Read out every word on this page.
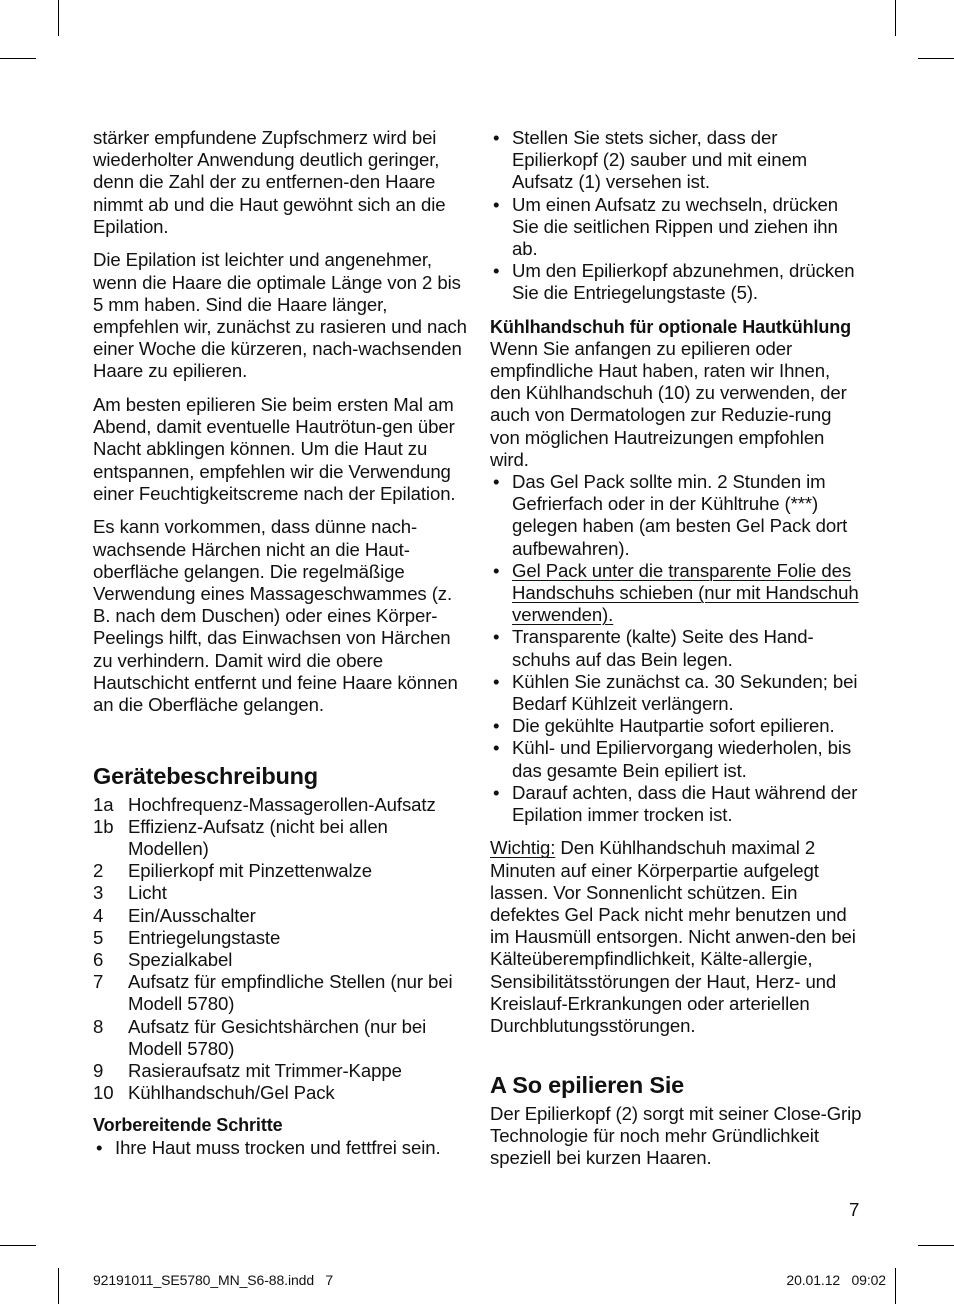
stärker empfundene Zupfschmerz wird bei wiederholter Anwendung deutlich geringer, denn die Zahl der zu entfernen-den Haare nimmt ab und die Haut gewöhnt sich an die Epilation.

Die Epilation ist leichter und angenehmer, wenn die Haare die optimale Länge von 2 bis 5 mm haben. Sind die Haare länger, empfehlen wir, zunächst zu rasieren und nach einer Woche die kürzeren, nach-wachsenden Haare zu epilieren.

Am besten epilieren Sie beim ersten Mal am Abend, damit eventuelle Hautrötun-gen über Nacht abklingen können. Um die Haut zu entspannen, empfehlen wir die Verwendung einer Feuchtigkeitscreme nach der Epilation.

Es kann vorkommen, dass dünne nach-wachsende Härchen nicht an die Haut-oberfläche gelangen. Die regelmäßige Verwendung eines Massageschwammes (z. B. nach dem Duschen) oder eines Körper-Peelings hilft, das Einwachsen von Härchen zu verhindern. Damit wird die obere Hautschicht entfernt und feine Haare können an die Oberfläche gelangen.

Gerätebeschreibung
1a Hochfrequenz-Massagerollen-Aufsatz
1b Effizienz-Aufsatz (nicht bei allen Modellen)
2	Epilierkopf mit Pinzettenwalze
3	Licht
4	Ein/Ausschalter
5	Entriegelungstaste
6	Spezialkabel
7	Aufsatz für empfindliche Stellen (nur bei Modell 5780)
8	Aufsatz für Gesichtshärchen (nur bei Modell 5780)
9	Rasieraufsatz mit Trimmer-Kappe
10 Kühlhandschuh/Gel Pack
Vorbereitende Schritte
• Ihre Haut muss trocken und fettfrei sein.
• Stellen Sie stets sicher, dass der Epilierkopf (2) sauber und mit einem Aufsatz (1) versehen ist.
• Um einen Aufsatz zu wechseln, drücken Sie die seitlichen Rippen und ziehen ihn ab.
• Um den Epilierkopf abzunehmen, drücken Sie die Entriegelungstaste (5).
Kühlhandschuh für optionale Hautkühlung
Wenn Sie anfangen zu epilieren oder empfindliche Haut haben, raten wir Ihnen, den Kühlhandschuh (10) zu verwenden, der auch von Dermatologen zur Reduzie-rung von möglichen Hautreizungen empfohlen wird.
• Das Gel Pack sollte min. 2 Stunden im Gefrierfach oder in der Kühltruhe (***) gelegen haben (am besten Gel Pack dort aufbewahren).
• Gel Pack unter die transparente Folie des Handschuhs schieben (nur mit Handschuh verwenden).
• Transparente (kalte) Seite des Hand-schuhs auf das Bein legen.
• Kühlen Sie zunächst ca. 30 Sekunden; bei Bedarf Kühlzeit verlängern.
• Die gekühlte Hautpartie sofort epilieren.
• Kühl- und Epiliervorgang wiederholen, bis das gesamte Bein epiliert ist.
• Darauf achten, dass die Haut während der Epilation immer trocken ist.

Wichtig: Den Kühlhandschuh maximal 2 Minuten auf einer Körperpartie aufgelegt lassen. Vor Sonnenlicht schützen. Ein defektes Gel Pack nicht mehr benutzen und im Hausmüll entsorgen. Nicht anwen-den bei Kälteüberempfindlichkeit, Kälte-allergie, Sensibilitätsstörungen der Haut, Herz- und Kreislauf-Erkrankungen oder arteriellen Durchblutungsstörungen.

A So epilieren Sie

Der Epilierkopf (2) sorgt mit seiner Close-Grip Technologie für noch mehr Gründlichkeit speziell bei kurzen Haaren.

7
92191011_SE5780_MN_S6-88.indd   7	20.01.12   09:02
